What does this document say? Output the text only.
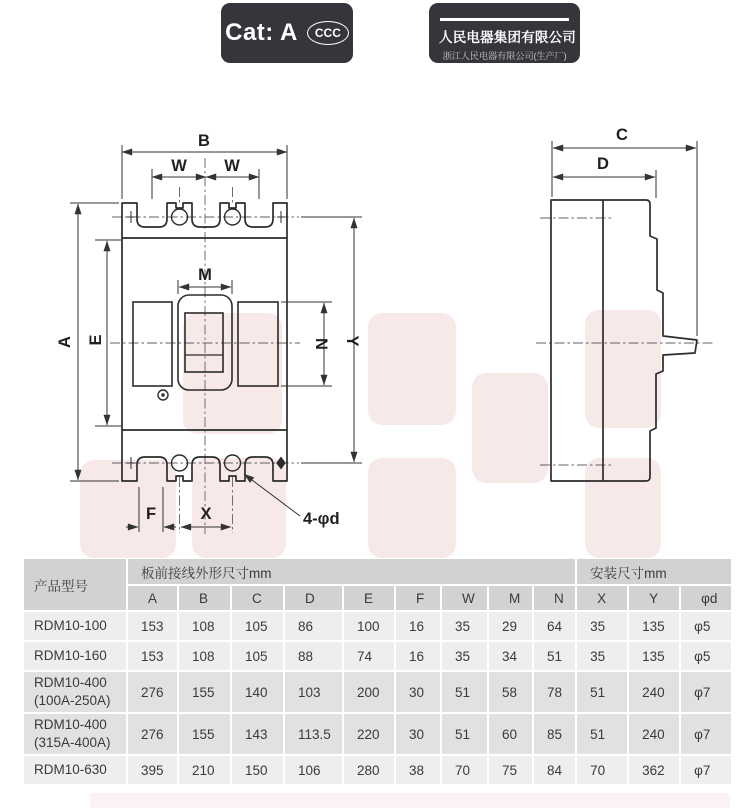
Cat: A	CCC	人民电器集团有限公司
浙江人民电器有限公司(生产厂)
B
W W
A E
M
N Y
F	X	4-φd
C
D
产品型号	板前接线外形尺寸mm									安装尺寸mm		
	A	B	C	D	E	F	W	M	N	X	Y	φd
RDM10-100	153	108	105	86	100	16	35	29	64	35	135	φ5
RDM10-160	153	108	105	88	74	16	35	34	51	35	135	φ5
RDM10-400
(100A-250A)	276	155	140	103	200	30	51	58	78	51	240	φ7
RDM10-400
(315A-400A)	276	155	143	113.5	220	30	51	60	85	51	240	φ7
RDM10-630	395	210	150	106	280	38	70	75	84	70	362	φ7
